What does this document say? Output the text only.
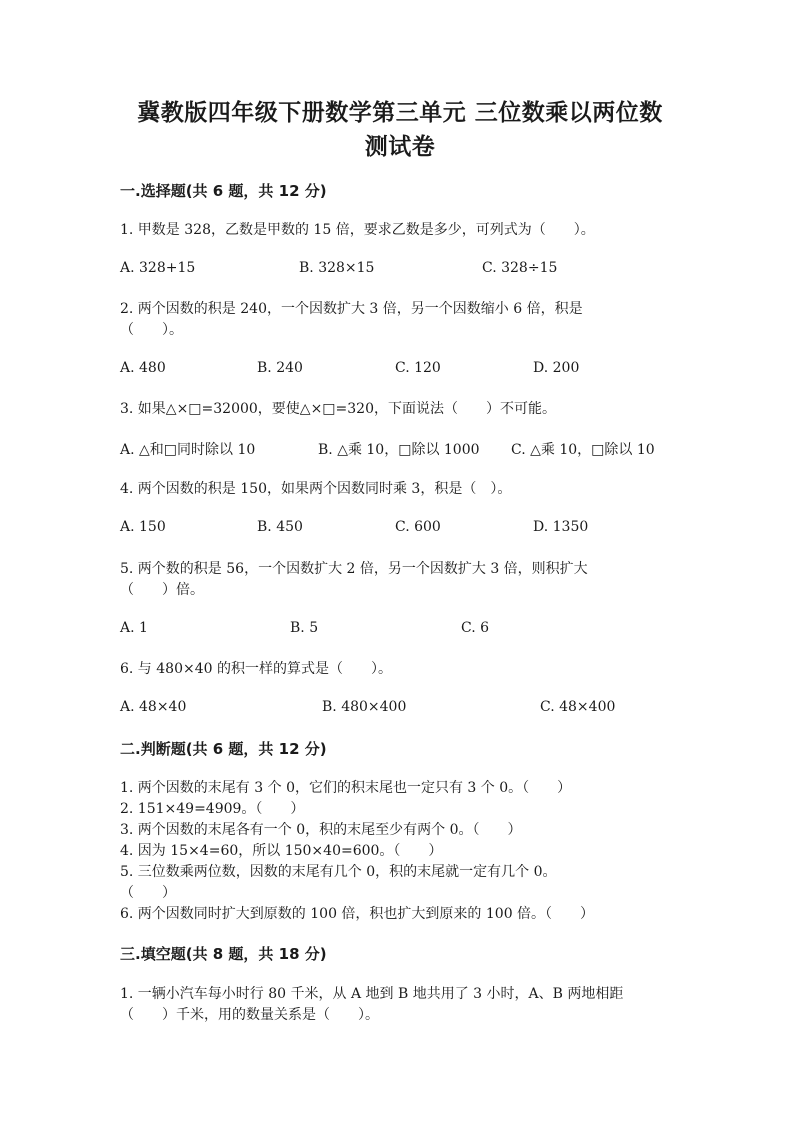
冀教版四年级下册数学第三单元 三位数乘以两位数
测试卷
一.选择题(共 6 题，共 12 分)
1. 甲数是 328，乙数是甲数的 15 倍，要求乙数是多少，可列式为（　　）。
A. 328+15	B. 328×15	C. 328÷15
2. 两个因数的积是 240，一个因数扩大 3 倍，另一个因数缩小 6 倍，积是
（　　）。
A. 480	B. 240	C. 120	D. 200
3. 如果△×□=32000，要使△×□=320，下面说法（　　）不可能。
A. △和□同时除以 10	B. △乘 10，□除以 1000 C. △乘 10，□除以 10
4. 两个因数的积是 150，如果两个因数同时乘 3，积是（　）。
A. 150	B. 450	C. 600	D. 1350
5. 两个数的积是 56，一个因数扩大 2 倍，另一个因数扩大 3 倍，则积扩大
（　　）倍。
A. 1	B. 5	C. 6
6. 与 480×40 的积一样的算式是（　　）。
A. 48×40	B. 480×400	C. 48×400
二.判断题(共 6 题，共 12 分)
1. 两个因数的末尾有 3 个 0，它们的积末尾也一定只有 3 个 0。（　　）
2. 151×49=4909。（　　）
3. 两个因数的末尾各有一个 0，积的末尾至少有两个 0。（　　）
4. 因为 15×4=60，所以 150×40=600。（　　）
5. 三位数乘两位数，因数的末尾有几个 0，积的末尾就一定有几个 0。
（　　）
6. 两个因数同时扩大到原数的 100 倍，积也扩大到原来的 100 倍。（　　）
三.填空题(共 8 题，共 18 分)
1. 一辆小汽车每小时行 80 千米，从 A 地到 B 地共用了 3 小时，A、B 两地相距
（　　）千米，用的数量关系是（　　）。
